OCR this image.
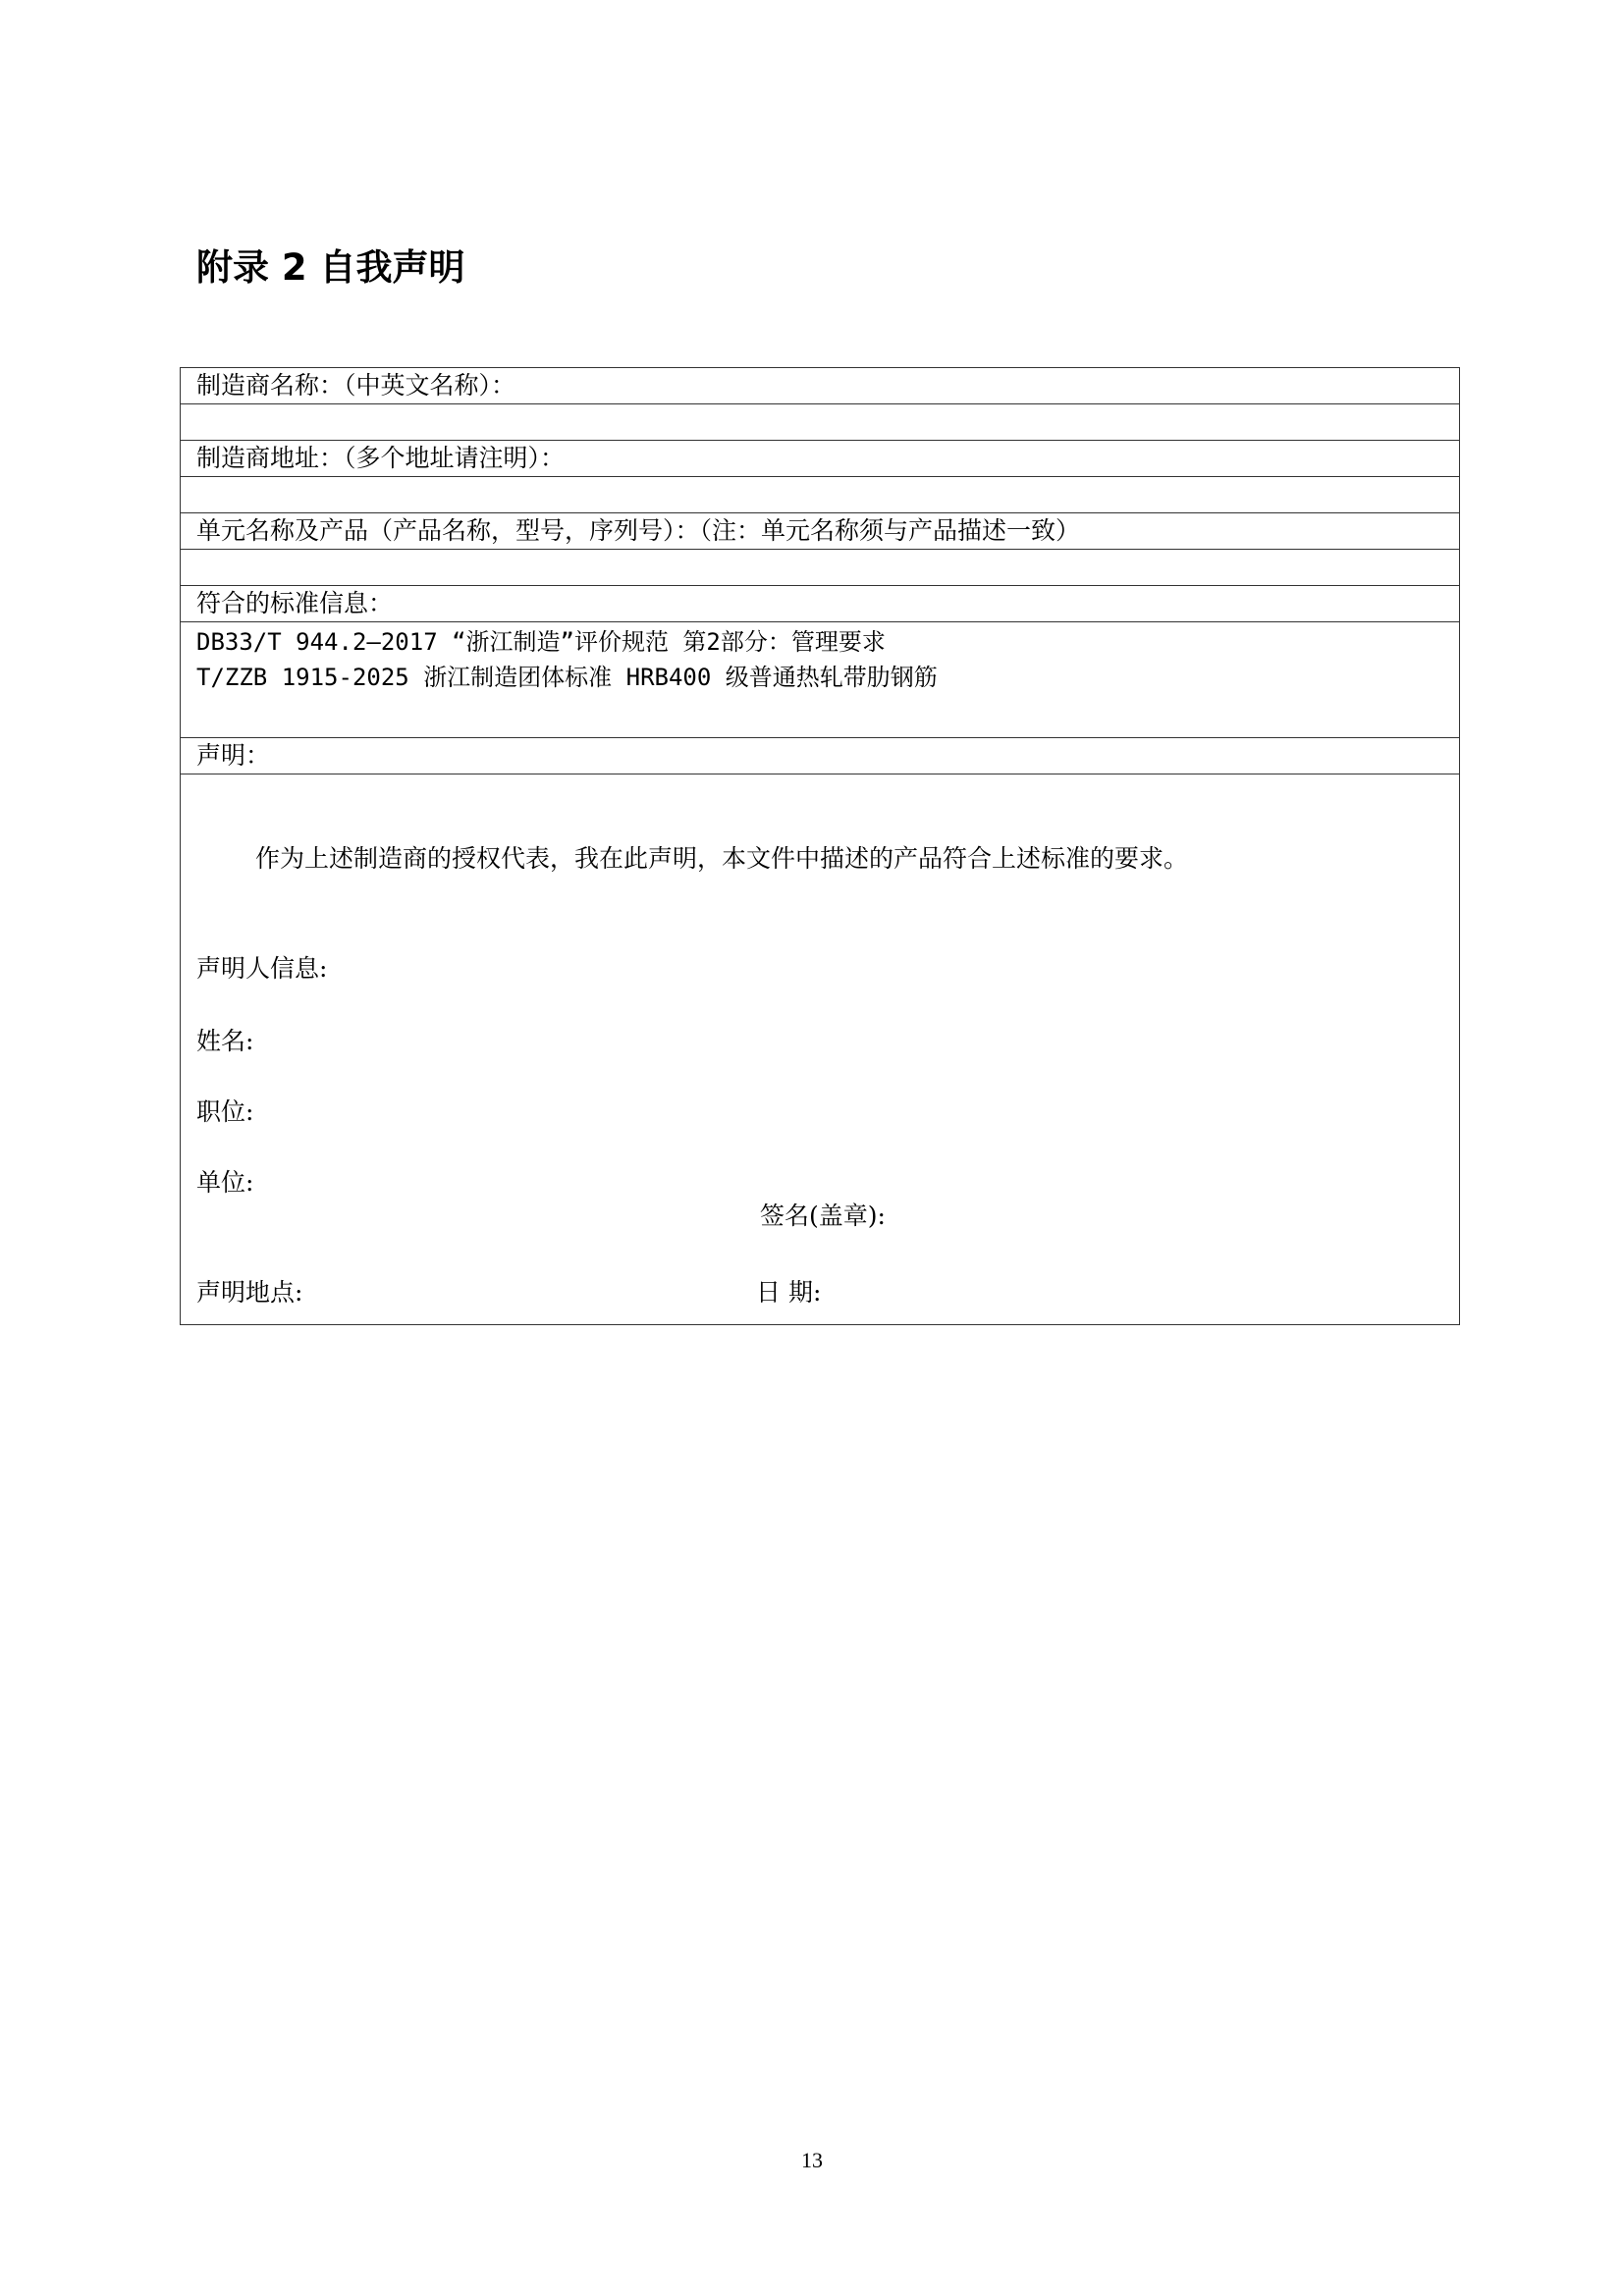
附录 2 自我声明
制造商名称：（中英文名称）：

制造商地址：（多个地址请注明）：

单元名称及产品（产品名称，型号，序列号）：（注：单元名称须与产品描述一致）

符合的标准信息：

DB33/T 944.2—2017 “浙江制造”评价规范 第2部分：管理要求
T/ZZB 1915-2025 浙江制造团体标准 HRB400 级普通热轧带肋钢筋

声明：

作为上述制造商的授权代表，我在此声明，本文件中描述的产品符合上述标准的要求。
声明人信息:
姓名:
职位:
单位:
签名(盖章):
声明地点:	日 期:
13
